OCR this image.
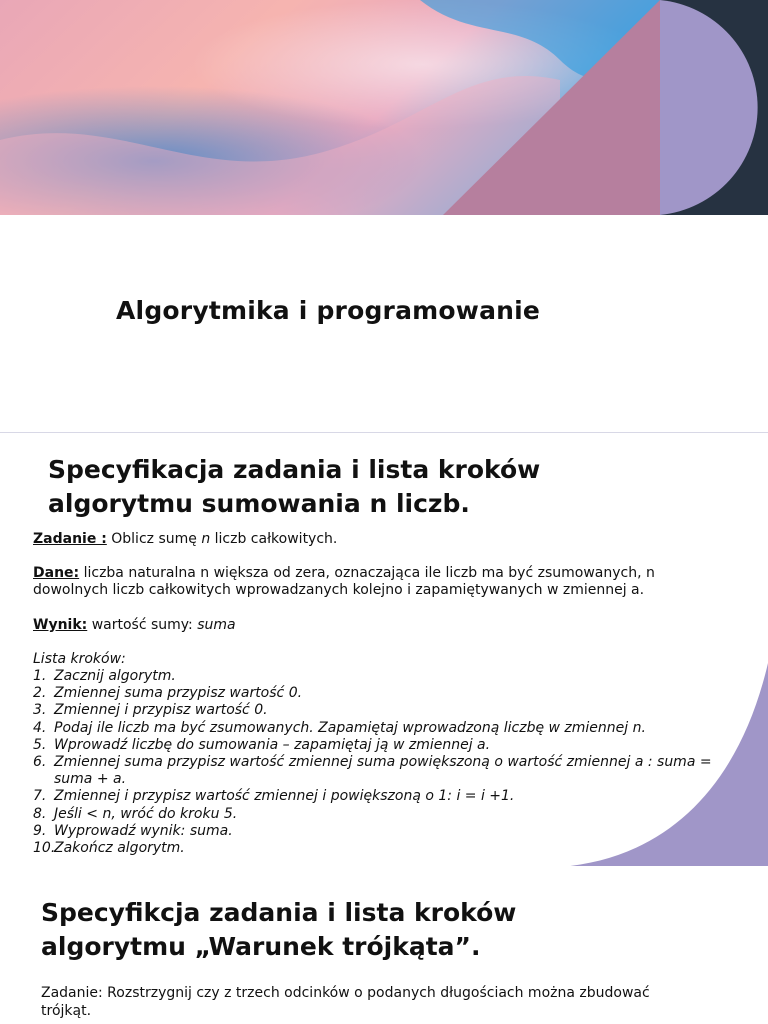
Algorytmika i programowanie
Specyfikacja zadania i lista kroków
algorytmu sumowania n liczb.

Zadanie : Oblicz sumę n liczb całkowitych.

Dane: liczba naturalna n większa od zera, oznaczająca ile liczb ma być zsumowanych, n dowolnych liczb całkowitych wprowadzanych kolejno i zapamiętywanych w zmiennej a.

Wynik: wartość sumy: suma

Lista kroków:
1. Zacznij algorytm.
2. Zmiennej suma przypisz wartość 0.
3. Zmiennej i przypisz wartość 0.
4. Podaj ile liczb ma być zsumowanych. Zapamiętaj wprowadzoną liczbę w zmiennej n.
5. Wprowadź liczbę do sumowania – zapamiętaj ją w zmiennej a.
6. Zmiennej suma przypisz wartość zmiennej suma powiększoną o wartość zmiennej a : suma = suma + a.
7. Zmiennej i przypisz wartość zmiennej i powiększoną o 1: i = i +1.
8. Jeśli < n, wróć do kroku 5.
9. Wyprowadź wynik: suma.
10.
Zakończ algorytm.
Specyfikcja zadania i lista kroków
algorytmu „Warunek trójkąta”.

Zadanie: Rozstrzygnij czy z trzech odcinków o podanych długościach można zbudować trójkąt.
